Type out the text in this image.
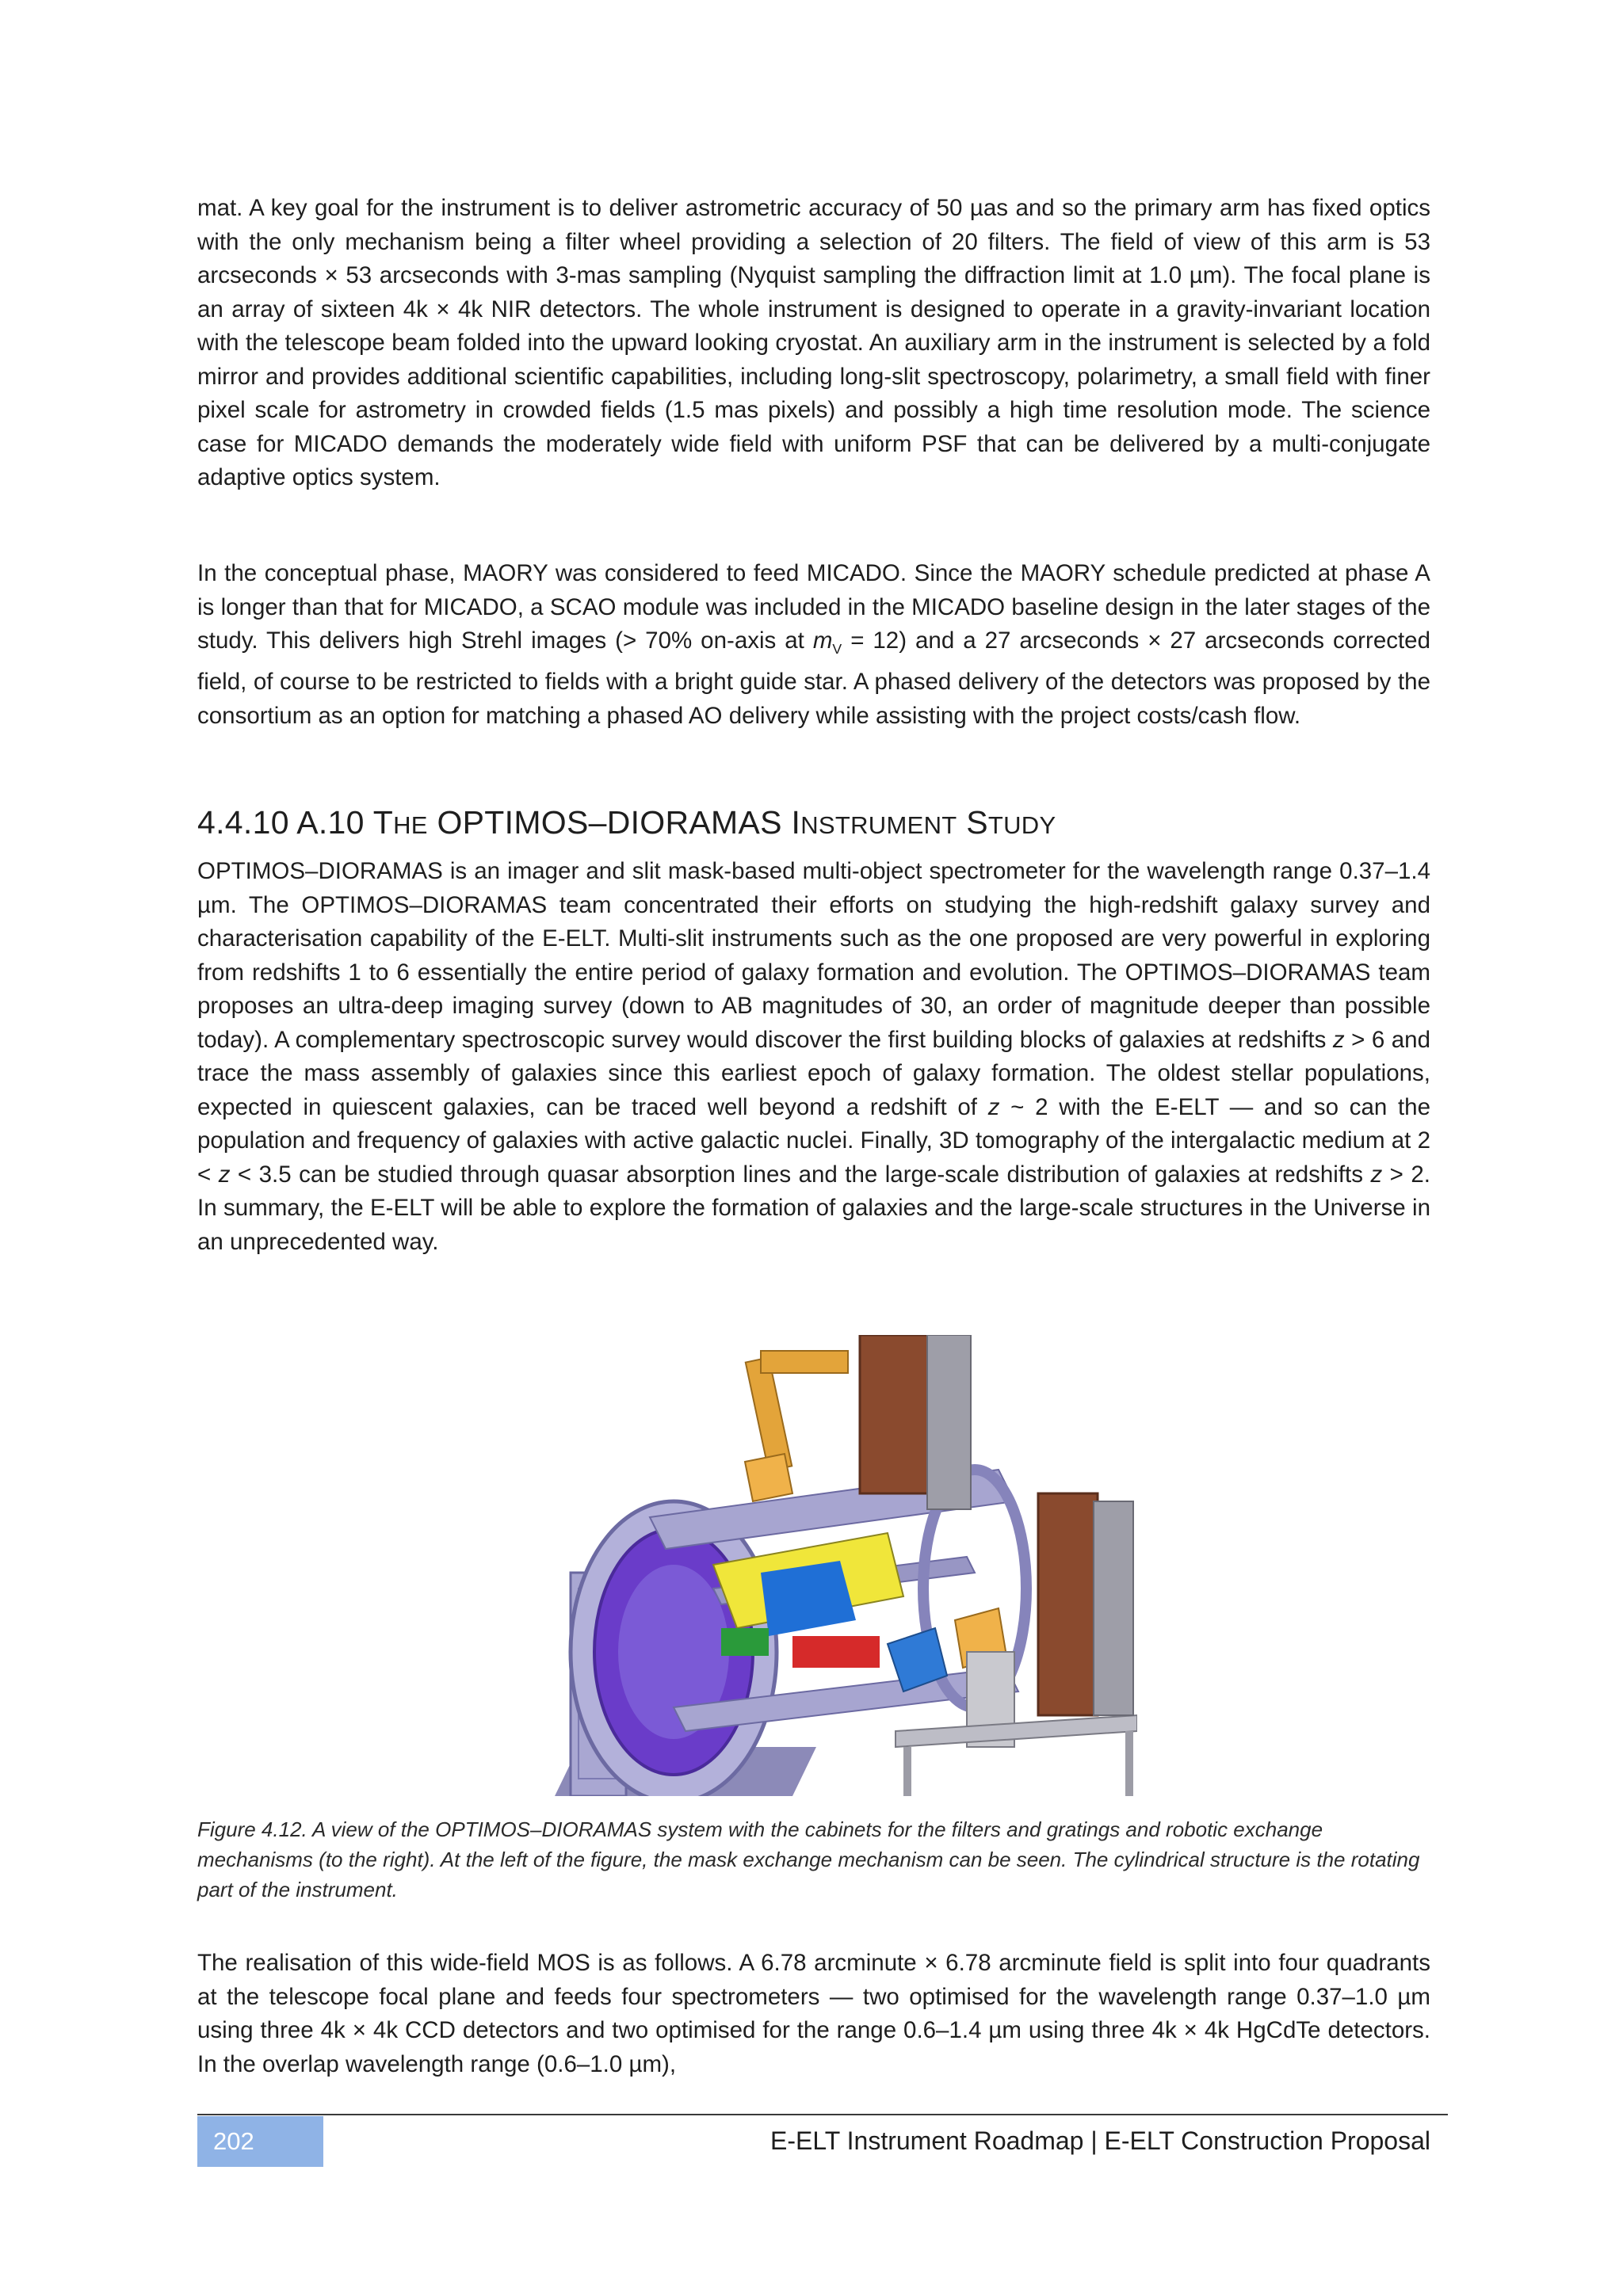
mat. A key goal for the instrument is to deliver astrometric accuracy of 50 µas and so the primary arm has fixed optics with the only mechanism being a filter wheel providing a selection of 20 filters. The field of view of this arm is 53 arcseconds × 53 arcseconds with 3-mas sampling (Nyquist sampling the diffraction limit at 1.0 µm). The focal plane is an array of sixteen 4k × 4k NIR detectors. The whole instrument is designed to operate in a gravity-invariant location with the telescope beam folded into the upward looking cryostat. An auxiliary arm in the instrument is selected by a fold mirror and provides additional scientific capabilities, including long-slit spectroscopy, polarimetry, a small field with finer pixel scale for astrometry in crowded fields (1.5 mas pixels) and possibly a high time resolution mode. The science case for MICADO demands the moderately wide field with uniform PSF that can be delivered by a multi-conjugate adaptive optics system.

In the conceptual phase, MAORY was considered to feed MICADO. Since the MAORY schedule predicted at phase A is longer than that for MICADO, a SCAO module was included in the MICADO baseline design in the later stages of the study. This delivers high Strehl images (> 70% on-axis at $m_V = 12$) and a 27 arcseconds × 27 arcseconds corrected field, of course to be restricted to fields with a bright guide star. A phased delivery of the detectors was proposed by the consortium as an option for matching a phased AO delivery while assisting with the project costs/cash flow.

4.4.10 A.10 THE OPTIMOS–DIORAMAS INSTRUMENT STUDY

OPTIMOS–DIORAMAS is an imager and slit mask-based multi-object spectrometer for the wavelength range 0.37–1.4 µm. The OPTIMOS–DIORAMAS team concentrated their efforts on studying the high-redshift galaxy survey and characterisation capability of the E-ELT. Multi-slit instruments such as the one proposed are very powerful in exploring from redshifts 1 to 6 essentially the entire period of galaxy formation and evolution. The OPTIMOS–DIORAMAS team proposes an ultra-deep imaging survey (down to AB magnitudes of 30, an order of magnitude deeper than possible today). A complementary spectroscopic survey would discover the first building blocks of galaxies at redshifts z > 6 and trace the mass assembly of galaxies since this earliest epoch of galaxy formation. The oldest stellar populations, expected in quiescent galaxies, can be traced well beyond a redshift of z ~ 2 with the E-ELT — and so can the population and frequency of galaxies with active galactic nuclei. Finally, 3D tomography of the intergalactic medium at 2 < z < 3.5 can be studied through quasar absorption lines and the large-scale distribution of galaxies at redshifts z > 2. In summary, the E-ELT will be able to explore the formation of galaxies and the large-scale structures in the Universe in an unprecedented way.

Figure 4.12. A view of the OPTIMOS–DIORAMAS system with the cabinets for the filters and gratings and robotic exchange mechanisms (to the right). At the left of the figure, the mask exchange mechanism can be seen. The cylindrical structure is the rotating part of the instrument.

The realisation of this wide-field MOS is as follows. A 6.78 arcminute × 6.78 arcminute field is split into four quadrants at the telescope focal plane and feeds four spectrometers — two optimised for the wavelength range 0.37–1.0 µm using three 4k × 4k CCD detectors and two optimised for the range 0.6–1.4 µm using three 4k × 4k HgCdTe detectors. In the overlap wavelength range (0.6–1.0 µm),

202	E-ELT Instrument Roadmap | E-ELT Construction Proposal
